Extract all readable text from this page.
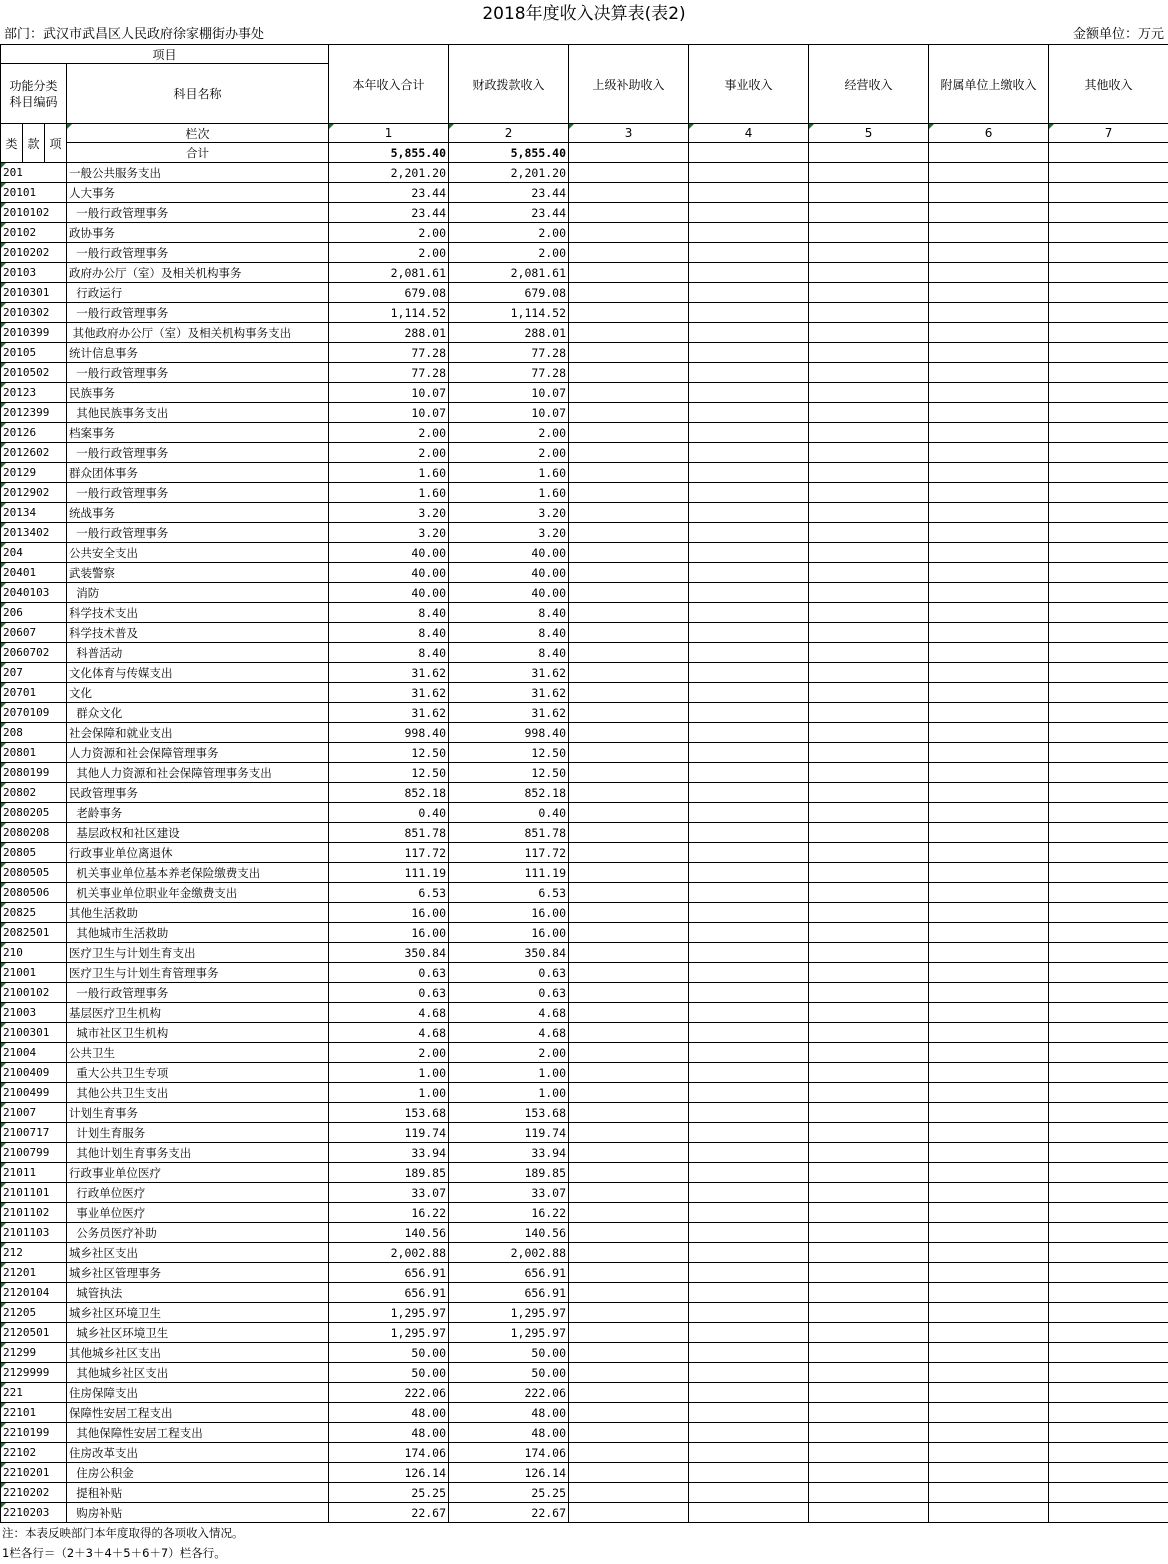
2018年度收入决算表(表2)
部门：武汉市武昌区人民政府徐家棚街办事处	金额单位：万元
项目				本年收入合计	财政拨款收入	上级补助收入	事业收入	经营收入	附属单位上缴收入	其他收入
功能分类科目编码			科目名称							

类	款	项	栏次	1	2	3	4	5	6	7
			合计	5,855.40	5,855.40					
201			一般公共服务支出	2,201.20	2,201.20					
20101			人大事务	23.44	23.44					
2010102			一般行政管理事务	23.44	23.44					
20102			政协事务	2.00	2.00					
2010202			一般行政管理事务	2.00	2.00					
20103			政府办公厅（室）及相关机构事务	2,081.61	2,081.61					
2010301			行政运行	679.08	679.08					
2010302			一般行政管理事务	1,114.52	1,114.52					
2010399			其他政府办公厅（室）及相关机构事务支出	288.01	288.01					
20105			统计信息事务	77.28	77.28					
2010502			一般行政管理事务	77.28	77.28					
20123			民族事务	10.07	10.07					
2012399			其他民族事务支出	10.07	10.07					
20126			档案事务	2.00	2.00					
2012602			一般行政管理事务	2.00	2.00					
20129			群众团体事务	1.60	1.60					
2012902			一般行政管理事务	1.60	1.60					
20134			统战事务	3.20	3.20					
2013402			一般行政管理事务	3.20	3.20					
204			公共安全支出	40.00	40.00					
20401			武装警察	40.00	40.00					
2040103			消防	40.00	40.00					
206			科学技术支出	8.40	8.40					
20607			科学技术普及	8.40	8.40					
2060702			科普活动	8.40	8.40					
207			文化体育与传媒支出	31.62	31.62					
20701			文化	31.62	31.62					
2070109			群众文化	31.62	31.62					
208			社会保障和就业支出	998.40	998.40					
20801			人力资源和社会保障管理事务	12.50	12.50					
2080199			其他人力资源和社会保障管理事务支出	12.50	12.50					
20802			民政管理事务	852.18	852.18					
2080205			老龄事务	0.40	0.40					
2080208			基层政权和社区建设	851.78	851.78					
20805			行政事业单位离退休	117.72	117.72					
2080505			机关事业单位基本养老保险缴费支出	111.19	111.19					
2080506			机关事业单位职业年金缴费支出	6.53	6.53					
20825			其他生活救助	16.00	16.00					
2082501			其他城市生活救助	16.00	16.00					
210			医疗卫生与计划生育支出	350.84	350.84					
21001			医疗卫生与计划生育管理事务	0.63	0.63					
2100102			一般行政管理事务	0.63	0.63					
21003			基层医疗卫生机构	4.68	4.68					
2100301			城市社区卫生机构	4.68	4.68					
21004			公共卫生	2.00	2.00					
2100409			重大公共卫生专项	1.00	1.00					
2100499			其他公共卫生支出	1.00	1.00					
21007			计划生育事务	153.68	153.68					
2100717			计划生育服务	119.74	119.74					
2100799			其他计划生育事务支出	33.94	33.94					
21011			行政事业单位医疗	189.85	189.85					
2101101			行政单位医疗	33.07	33.07					
2101102			事业单位医疗	16.22	16.22					
2101103			公务员医疗补助	140.56	140.56					
212			城乡社区支出	2,002.88	2,002.88					
21201			城乡社区管理事务	656.91	656.91					
2120104			城管执法	656.91	656.91					
21205			城乡社区环境卫生	1,295.97	1,295.97					
2120501			城乡社区环境卫生	1,295.97	1,295.97					
21299			其他城乡社区支出	50.00	50.00					
2129999			其他城乡社区支出	50.00	50.00					
221			住房保障支出	222.06	222.06					
22101			保障性安居工程支出	48.00	48.00					
2210199			其他保障性安居工程支出	48.00	48.00					
22102			住房改革支出	174.06	174.06					
2210201			住房公积金	126.14	126.14					
2210202			提租补贴	25.25	25.25					
2210203			购房补贴	22.67	22.67					
注：本表反映部门本年度取得的各项收入情况。
1栏各行＝（2＋3＋4＋5＋6＋7）栏各行。
